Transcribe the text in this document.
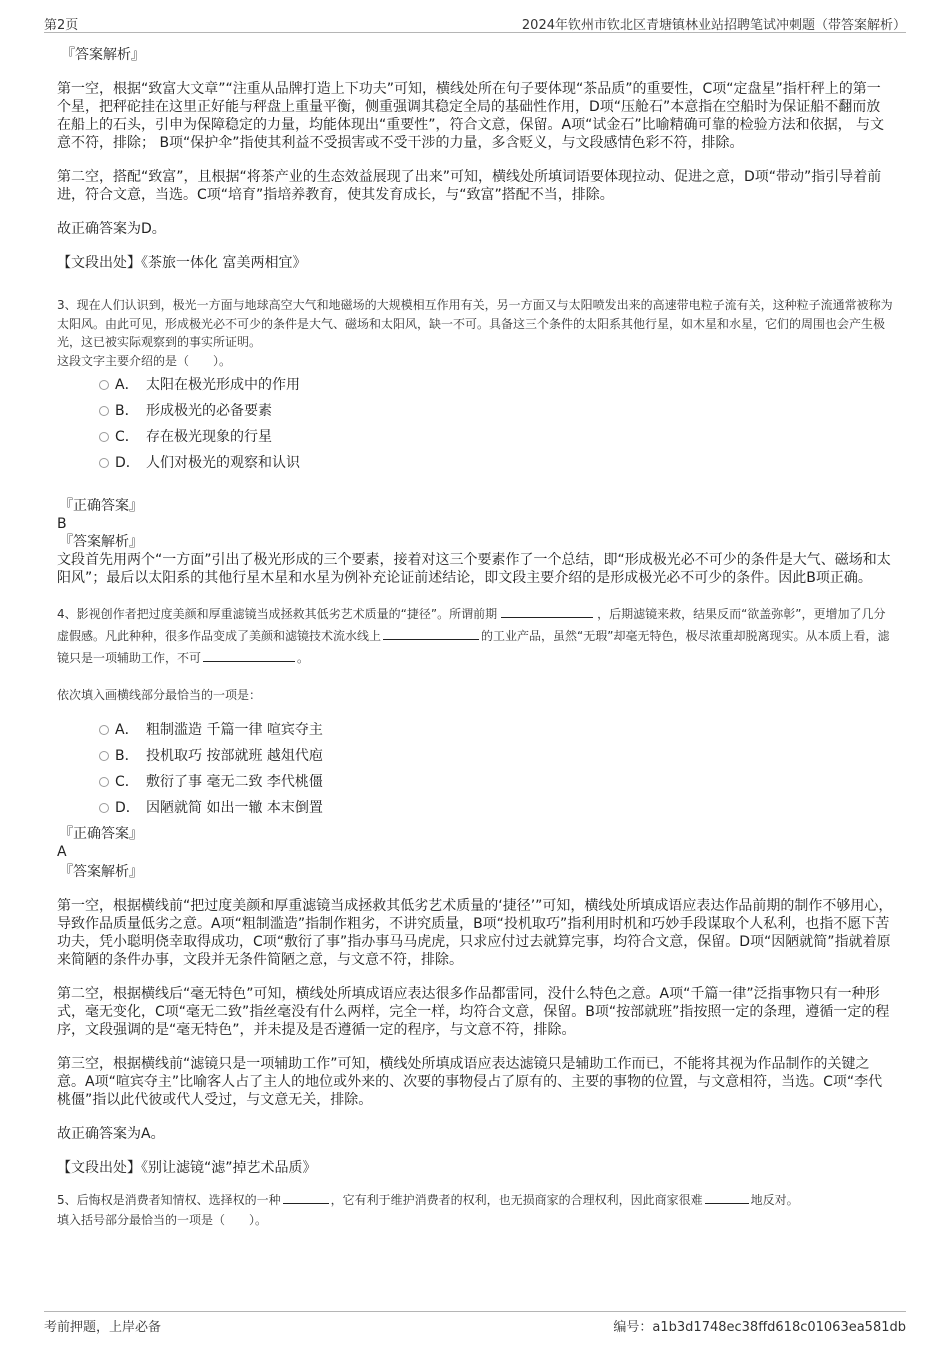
第2页	2024年钦州市钦北区青塘镇林业站招聘笔试冲刺题（带答案解析）

『答案解析』

第一空，根据“致富大文章”“注重从品牌打造上下功夫”可知，横线处所在句子要体现“茶品质”的重要性，C项“定盘星”指杆秤上的第一个星，把秤砣挂在这里正好能与秤盘上重量平衡，侧重强调其稳定全局的基础性作用，D项“压舱石”本意指在空船时为保证船不翻而放在船上的石头，引申为保障稳定的力量，均能体现出“重要性”，符合文意，保留。A项“试金石”比喻精确可靠的检验方法和依据， 与文意不符，排除； B项“保护伞”指使其利益不受损害或不受干涉的力量，多含贬义，与文段感情色彩不符，排除。

第二空，搭配“致富”，且根据“将茶产业的生态效益展现了出来”可知，横线处所填词语要体现拉动、促进之意，D项“带动”指引导着前进，符合文意，当选。C项“培育”指培养教育，使其发育成长，与“致富”搭配不当，排除。

故正确答案为D。

【文段出处】《茶旅一体化 富美两相宜》

3、现在人们认识到，极光一方面与地球高空大气和地磁场的大规模相互作用有关，另一方面又与太阳喷发出来的高速带电粒子流有关，这种粒子流通常被称为太阳风。由此可见，形成极光必不可少的条件是大气、磁场和太阳风，缺一不可。具备这三个条件的太阳系其他行星，如木星和水星，它们的周围也会产生极光，这已被实际观察到的事实所证明。

这段文字主要介绍的是（　　）。

A． 太阳在极光形成中的作用
B． 形成极光的必备要素
C． 存在极光现象的行星
D． 人们对极光的观察和认识

『正确答案』

B

『答案解析』

文段首先用两个“一方面”引出了极光形成的三个要素，接着对这三个要素作了一个总结，即“形成极光必不可少的条件是大气、磁场和太阳风”；最后以太阳系的其他行星木星和水星为例补充论证前述结论，即文段主要介绍的是形成极光必不可少的条件。因此B项正确。

4、影视创作者把过度美颜和厚重滤镜当成拯救其低劣艺术质量的“捷径”。所谓前期	，后期滤镜来救，结果反而“欲盖弥彰”，更增加了几分虚假感。凡此种种，很多作品变成了美颜和滤镜技术流水线上	的工业产品，虽然“无瑕”却毫无特色，极尽浓重却脱离现实。从本质上看，滤镜只是一项辅助工作，不可	。

依次填入画横线部分最恰当的一项是：

A． 粗制滥造 千篇一律 喧宾夺主
B． 投机取巧 按部就班 越俎代庖
C． 敷衍了事 毫无二致 李代桃僵
D． 因陋就简 如出一辙 本末倒置

『正确答案』

A

『答案解析』

第一空，根据横线前“把过度美颜和厚重滤镜当成拯救其低劣艺术质量的‘捷径’”可知，横线处所填成语应表达作品前期的制作不够用心，导致作品质量低劣之意。A项“粗制滥造”指制作粗劣，不讲究质量，B项“投机取巧”指利用时机和巧妙手段谋取个人私利，也指不愿下苦功夫，凭小聪明侥幸取得成功，C项“敷衍了事”指办事马马虎虎，只求应付过去就算完事，均符合文意，保留。D项“因陋就简”指就着原来简陋的条件办事，文段并无条件简陋之意，与文意不符，排除。

第二空，根据横线后“毫无特色”可知，横线处所填成语应表达很多作品都雷同，没什么特色之意。A项“千篇一律”泛指事物只有一种形式，毫无变化，C项“毫无二致”指丝毫没有什么两样，完全一样，均符合文意，保留。B项“按部就班”指按照一定的条理，遵循一定的程序，文段强调的是“毫无特色”，并未提及是否遵循一定的程序，与文意不符，排除。

第三空，根据横线前“滤镜只是一项辅助工作”可知，横线处所填成语应表达滤镜只是辅助工作而已，不能将其视为作品制作的关键之意。A项“喧宾夺主”比喻客人占了主人的地位或外来的、次要的事物侵占了原有的、主要的事物的位置，与文意相符，当选。C项“李代桃僵”指以此代彼或代人受过，与文意无关，排除。

故正确答案为A。

【文段出处】《别让滤镜“滤”掉艺术品质》

5、后悔权是消费者知情权、选择权的一种	，它有利于维护消费者的权利，也无损商家的合理权利，因此商家很难	地反对。

填入括号部分最恰当的一项是（　　）。

考前押题，上岸必备	编号：a1b3d1748ec38ffd618c01063ea581db
